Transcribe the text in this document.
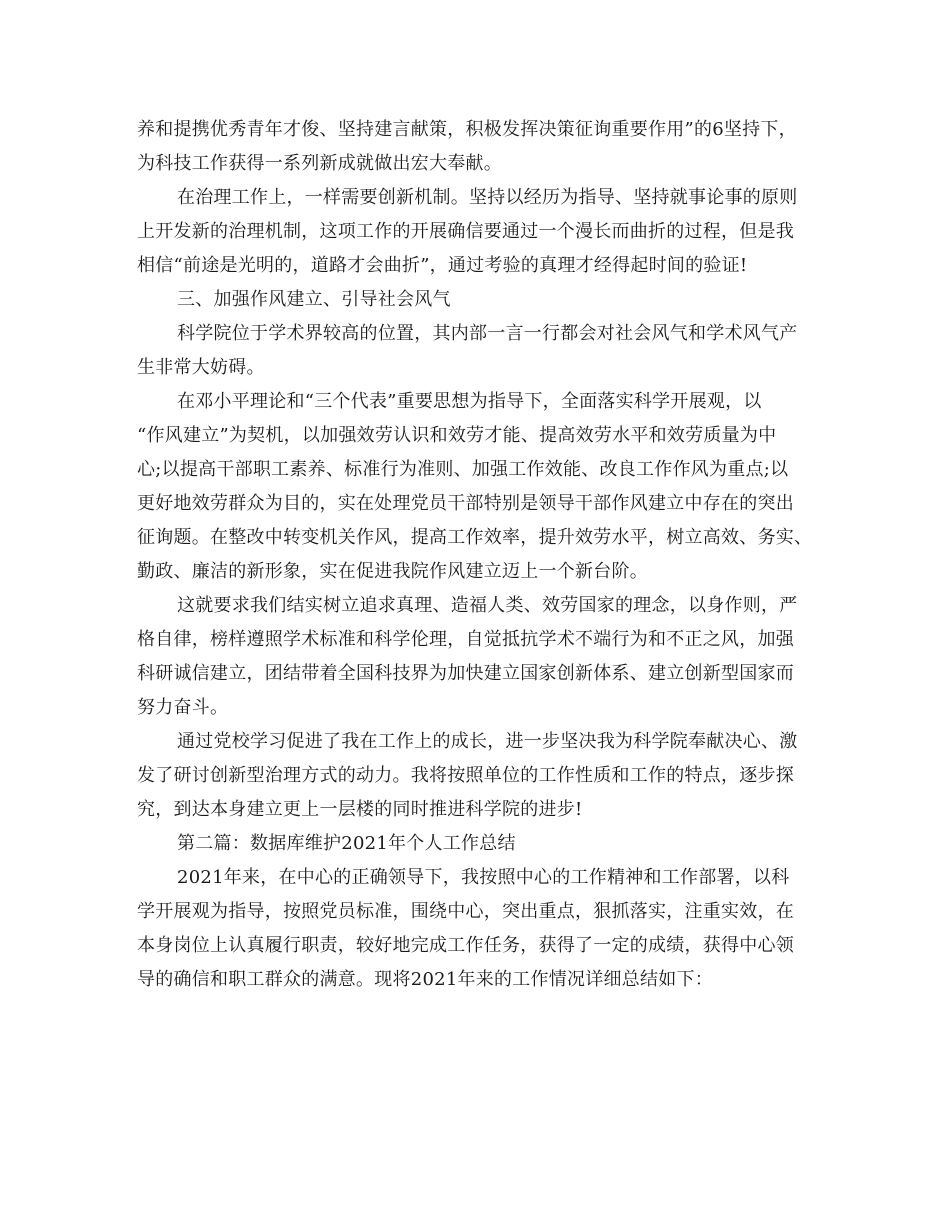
养和提携优秀青年才俊、坚持建言献策，积极发挥决策征询重要作用”的6坚持下，
为科技工作获得一系列新成就做出宏大奉献。

在治理工作上，一样需要创新机制。坚持以经历为指导、坚持就事论事的原则
上开发新的治理机制，这项工作的开展确信要通过一个漫长而曲折的过程，但是我
相信“前途是光明的，道路才会曲折”，通过考验的真理才经得起时间的验证!

三、加强作风建立、引导社会风气

科学院位于学术界较高的位置，其内部一言一行都会对社会风气和学术风气产
生非常大妨碍。

在邓小平理论和“三个代表”重要思想为指导下，全面落实科学开展观，以
“作风建立”为契机，以加强效劳认识和效劳才能、提高效劳水平和效劳质量为中
心;以提高干部职工素养、标准行为准则、加强工作效能、改良工作作风为重点;以
更好地效劳群众为目的，实在处理党员干部特别是领导干部作风建立中存在的突出
征询题。在整改中转变机关作风，提高工作效率，提升效劳水平，树立高效、务实、
勤政、廉洁的新形象，实在促进我院作风建立迈上一个新台阶。

这就要求我们结实树立追求真理、造福人类、效劳国家的理念，以身作则，严
格自律，榜样遵照学术标准和科学伦理，自觉抵抗学术不端行为和不正之风，加强
科研诚信建立，团结带着全国科技界为加快建立国家创新体系、建立创新型国家而
努力奋斗。

通过党校学习促进了我在工作上的成长，进一步坚决我为科学院奉献决心、激
发了研讨创新型治理方式的动力。我将按照单位的工作性质和工作的特点，逐步探
究，到达本身建立更上一层楼的同时推进科学院的进步!

第二篇：数据库维护2021年个人工作总结

2021年来，在中心的正确领导下，我按照中心的工作精神和工作部署，以科
学开展观为指导，按照党员标准，围绕中心，突出重点，狠抓落实，注重实效，在
本身岗位上认真履行职责，较好地完成工作任务，获得了一定的成绩，获得中心领
导的确信和职工群众的满意。现将2021年来的工作情况详细总结如下：
